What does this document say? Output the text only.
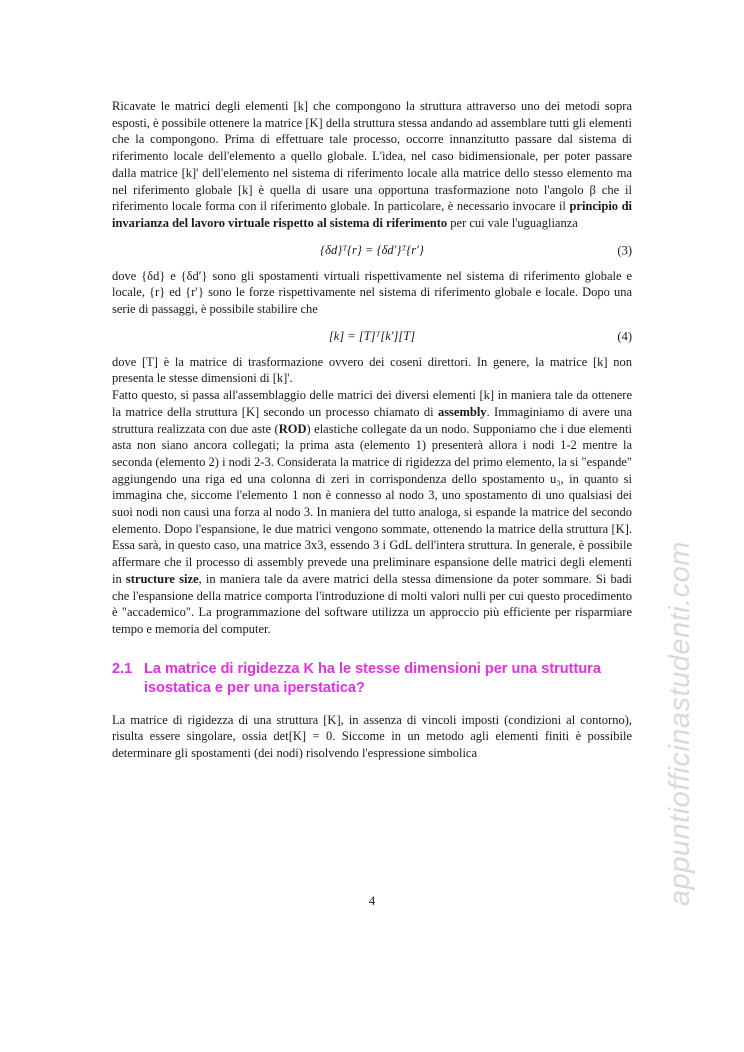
Ricavate le matrici degli elementi [k] che compongono la struttura attraverso uno dei metodi sopra esposti, è possibile ottenere la matrice [K] della struttura stessa andando ad assemblare tutti gli elementi che la compongono. Prima di effettuare tale processo, occorre innanzitutto passare dal sistema di riferimento locale dell'elemento a quello globale. L'idea, nel caso bidimensionale, per poter passare dalla matrice [k]' dell'elemento nel sistema di riferimento locale alla matrice dello stesso elemento ma nel riferimento globale [k] è quella di usare una opportuna trasformazione noto l'angolo β che il riferimento locale forma con il riferimento globale. In particolare, è necessario invocare il principio di invarianza del lavoro virtuale rispetto al sistema di riferimento per cui vale l'uguaglianza

{δd}ᵀ{r} = {δd′}ᵀ{r′}	(3)

dove {δd} e {δd′} sono gli spostamenti virtuali rispettivamente nel sistema di riferimento globale e locale, {r} ed {r′} sono le forze rispettivamente nel sistema di riferimento globale e locale. Dopo una serie di passaggi, è possibile stabilire che

[k] = [T]ᵀ[k′][T]	(4)

dove [T] è la matrice di trasformazione ovvero dei coseni direttori. In genere, la matrice [k] non presenta le stesse dimensioni di [k]'.

Fatto questo, si passa all'assemblaggio delle matrici dei diversi elementi [k] in maniera tale da ottenere la matrice della struttura [K] secondo un processo chiamato di assembly. Immaginiamo di avere una struttura realizzata con due aste (ROD) elastiche collegate da un nodo. Supponiamo che i due elementi asta non siano ancora collegati; la prima asta (elemento 1) presenterà allora i nodi 1-2 mentre la seconda (elemento 2) i nodi 2-3. Considerata la matrice di rigidezza del primo elemento, la si "espande" aggiungendo una riga ed una colonna di zeri in corrispondenza dello spostamento u₃, in quanto si immagina che, siccome l'elemento 1 non è connesso al nodo 3, uno spostamento di uno qualsiasi dei suoi nodi non causi una forza al nodo 3. In maniera del tutto analoga, si espande la matrice del secondo elemento. Dopo l'espansione, le due matrici vengono sommate, ottenendo la matrice della struttura [K]. Essa sarà, in questo caso, una matrice 3x3, essendo 3 i GdL dell'intera struttura. In generale, è possibile affermare che il processo di assembly prevede una preliminare espansione delle matrici degli elementi in structure size, in maniera tale da avere matrici della stessa dimensione da poter sommare. Si badi che l'espansione della matrice comporta l'introduzione di molti valori nulli per cui questo procedimento è "accademico". La programmazione del software utilizza un approccio più efficiente per risparmiare tempo e memoria del computer.

2.1 La matrice di rigidezza K ha le stesse dimensioni per una struttura isostatica e per una iperstatica?

La matrice di rigidezza di una struttura [K], in assenza di vincoli imposti (condizioni al contorno), risulta essere singolare, ossia det[K] = 0. Siccome in un metodo agli elementi finiti è possibile determinare gli spostamenti (dei nodi) risolvendo l'espressione simbolica

4	appuntiofficinastudenti.com
